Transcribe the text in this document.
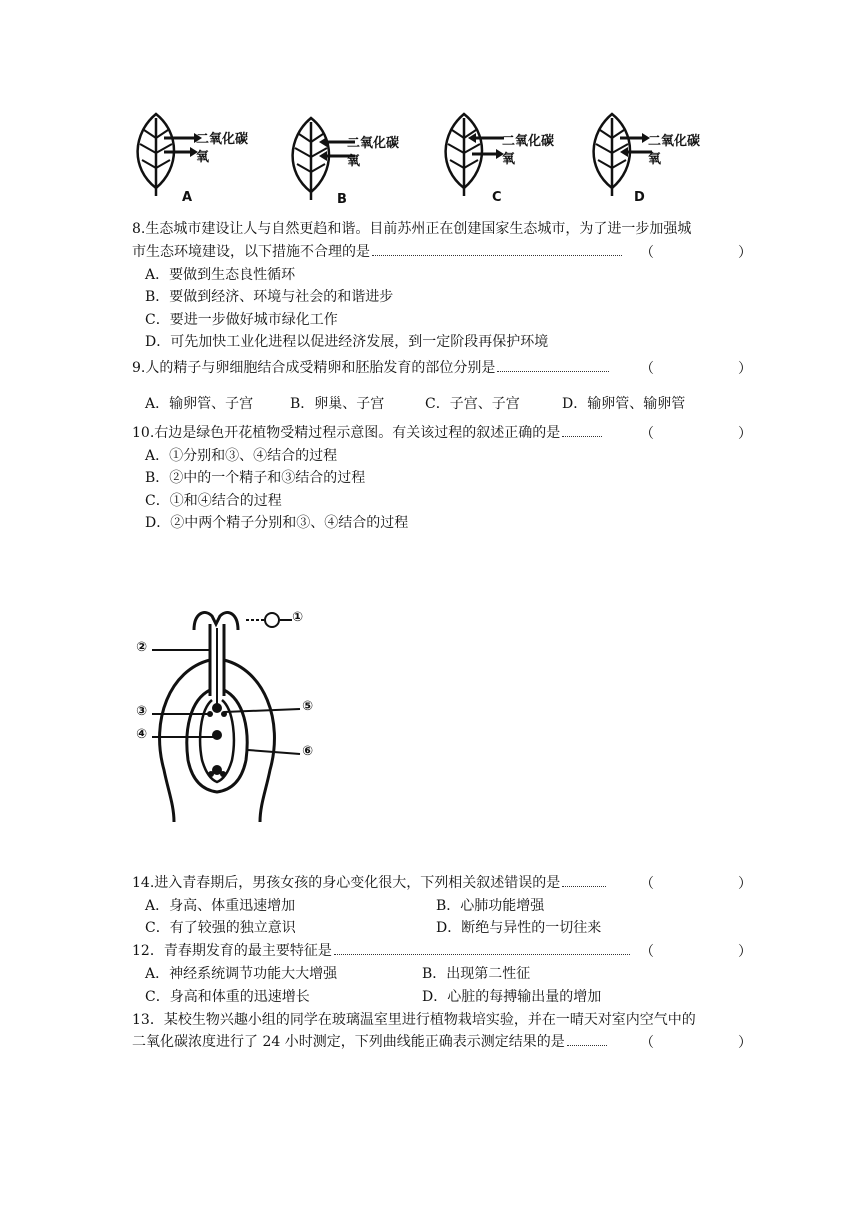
二氧化碳
氧
A
二氧化碳
氧
B
二氧化碳
氧
C
二氧化碳
氧
D
8.生态城市建设让人与自然更趋和谐。目前苏州正在创建国家生态城市，为了进一步加强城
市生态环境建设，以下措施不合理的是	（　　　　　　）
A．要做到生态良性循环
B．要做到经济、环境与社会的和谐进步
C．要进一步做好城市绿化工作
D．可先加快工业化进程以促进经济发展，到一定阶段再保护环境
9.人的精子与卵细胞结合成受精卵和胚胎发育的部位分别是	（　　　　　　）
A．输卵管、子宫	B．卵巢、子宫	C．子宫、子宫	D．输卵管、输卵管
10.右边是绿色开花植物受精过程示意图。有关该过程的叙述正确的是	（　　　　　　）
A．①分别和③、④结合的过程
B．②中的一个精子和③结合的过程
C．①和④结合的过程
D．②中两个精子分别和③、④结合的过程
①
②
③
④
⑤
⑥
14.进入青春期后，男孩女孩的身心变化很大，下列相关叙述错误的是	（　　　　　　）
A．身高、体重迅速增加	B．心肺功能增强
C．有了较强的独立意识	D．断绝与异性的一切往来
12．青春期发育的最主要特征是	（　　　　　　）
A．神经系统调节功能大大增强	B．出现第二性征
C．身高和体重的迅速增长	D．心脏的每搏输出量的增加
13．某校生物兴趣小组的同学在玻璃温室里进行植物栽培实验，并在一晴天对室内空气中的
二氧化碳浓度进行了 24 小时测定，下列曲线能正确表示测定结果的是	（　　　　　　）
